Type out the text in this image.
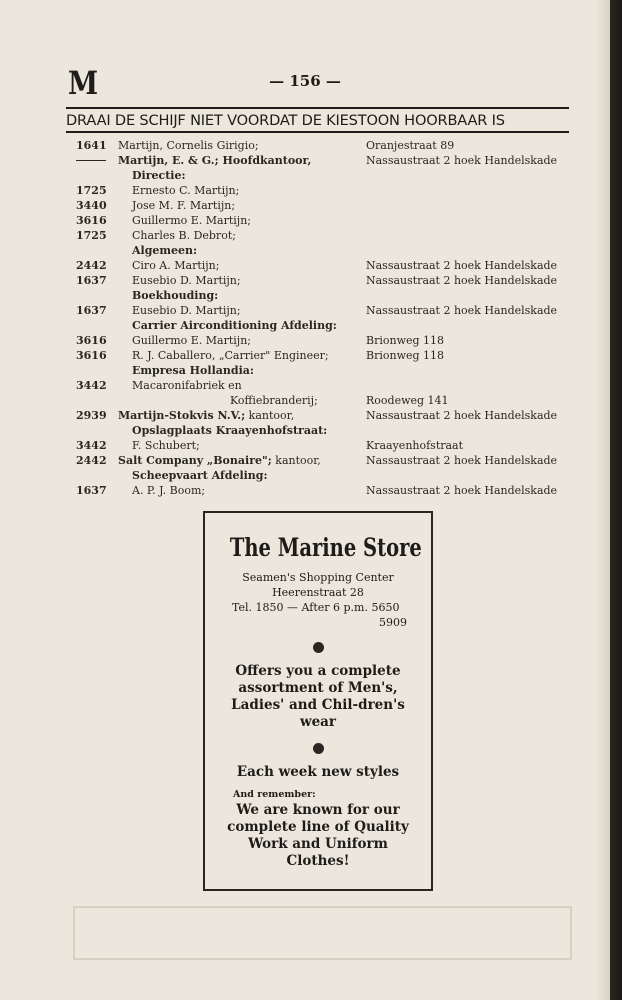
M	— 156 —
DRAAI DE SCHIJF NIET VOORDAT DE KIESTOON HOORBAAR IS
1641 Martijn, Cornelis Girigio;	Oranjestraat 89
Martijn, E. & G.; Hoofdkantoor,	Nassaustraat 2 hoek Handelskade
Directie:
1725 Ernesto C. Martijn;
3440 Jose M. F. Martijn;
3616 Guillermo E. Martijn;
1725 Charles B. Debrot;
Algemeen:
2442 Ciro A. Martijn;	Nassaustraat 2 hoek Handelskade
1637 Eusebio D. Martijn;	Nassaustraat 2 hoek Handelskade
Boekhouding:
1637 Eusebio D. Martijn;	Nassaustraat 2 hoek Handelskade
Carrier Airconditioning Afdeling:
3616 Guillermo E. Martijn;	Brionweg 118
3616 R. J. Caballero, „Carrier" Engineer;	Brionweg 118
Empresa Hollandia:
3442 Macaronifabriek en
Koffiebranderij;	Roodeweg 141
2939 Martijn-Stokvis N.V.; kantoor,	Nassaustraat 2 hoek Handelskade
Opslagplaats Kraayenhofstraat:
3442 F. Schubert;	Kraayenhofstraat
2442 Salt Company „Bonaire"; kantoor,	Nassaustraat 2 hoek Handelskade
Scheepvaart Afdeling:
1637 A. P. J. Boom;	Nassaustraat 2 hoek Handelskade
The Marine Store
Seamen's Shopping Center
Heerenstraat 28
Tel. 1850 — After 6 p.m. 5650
5909
Offers you a complete assortment of Men's, Ladies' and Chil-dren's wear
Each week new styles
And remember:
We are known for our complete line of Quality Work and Uniform Clothes!
